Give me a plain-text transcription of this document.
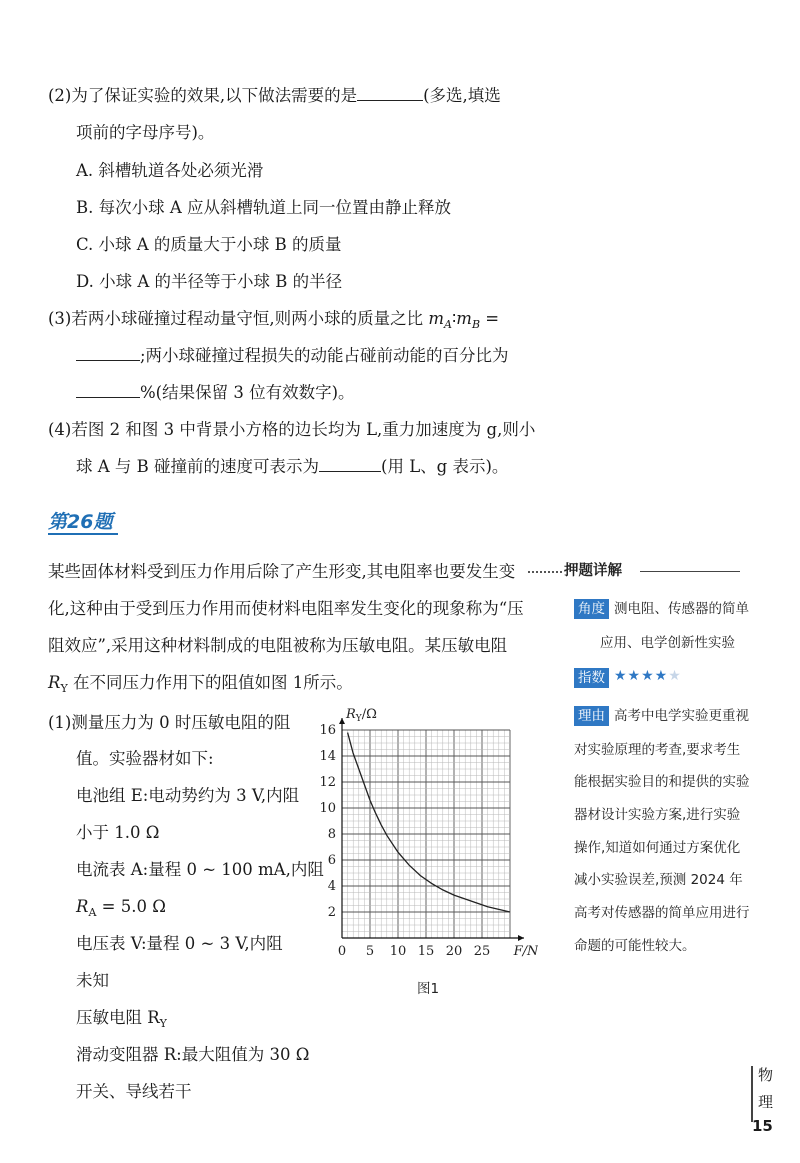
(2)为了保证实验的效果,以下做法需要的是	(多选,填选
项前的字母序号)。
A. 斜槽轨道各处必须光滑
B. 每次小球 A 应从斜槽轨道上同一位置由静止释放
C. 小球 A 的质量大于小球 B 的质量
D. 小球 A 的半径等于小球 B 的半径
(3)若两小球碰撞过程动量守恒,则两小球的质量之比 $m_A∶m_B$ =
;两小球碰撞过程损失的动能占碰前动能的百分比为
%(结果保留 3 位有效数字)。
(4)若图 2 和图 3 中背景小方格的边长均为 L,重力加速度为 g,则小
球 A 与 B 碰撞前的速度可表示为	(用 L、g 表示)。
第26题
某些固体材料受到压力作用后除了产生形变,其电阻率也要发生变
化,这种由于受到压力作用而使材料电阻率发生变化的现象称为“压
阻效应”,采用这种材料制成的电阻被称为压敏电阻。某压敏电阻
$R_Y$ 在不同压力作用下的阻值如图 1所示。
(1)测量压力为 0 时压敏电阻的阻
值。实验器材如下:
电池组 E:电动势约为 3 V,内阻
小于 1.0 Ω
电流表 A:量程 0 ~ 100 mA,内阻
$R_A = 5.0$ Ω
电压表 V:量程 0 ~ 3 V,内阻
未知
压敏电阻 $R_Y$
滑动变阻器 R:最大阻值为 30 Ω
开关、导线若干
0 5 10 15 20 25
2
4
6
8
10
12
14
16
F/N
$R_Y/\Omega$
图1
押题详解
角度 测电阻、传感器的简单
应用、电学创新性实验
指数 ★★★★★
理由 高考中电学实验更重视
对实验原理的考查,要求考生
能根据实验目的和提供的实验
器材设计实验方案,进行实验
操作,知道如何通过方案优化
减小实验误差,预测 2024 年
高考对传感器的简单应用进行
命题的可能性较大。
物
理
15
